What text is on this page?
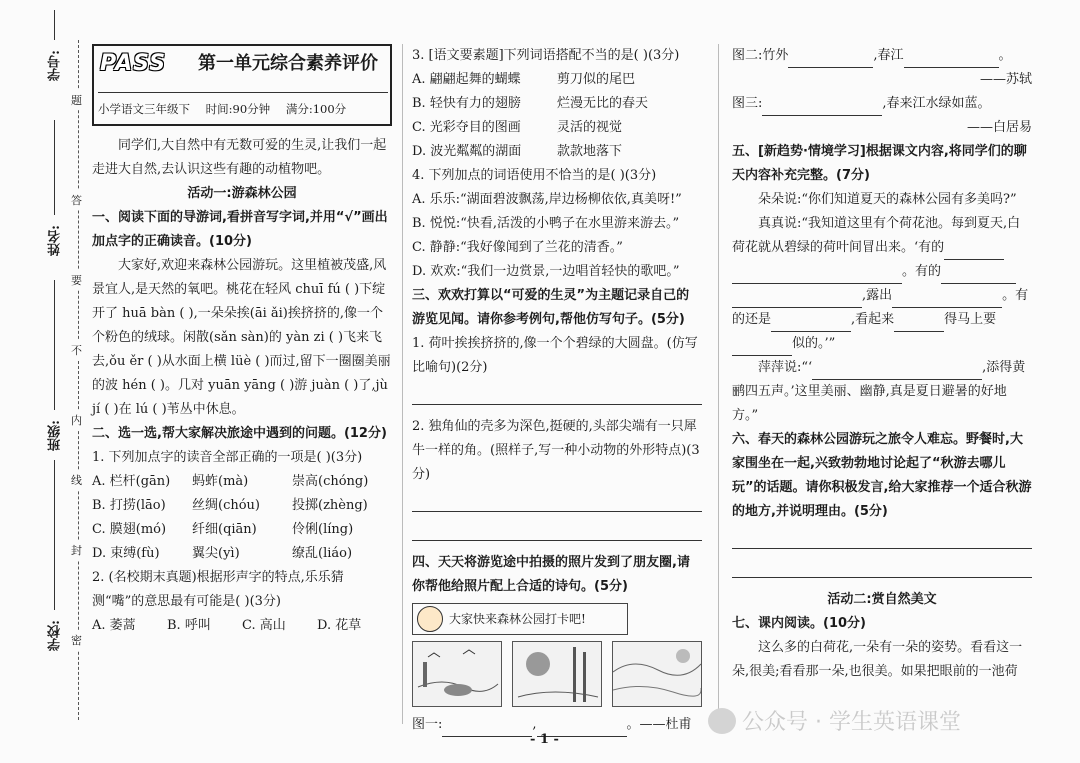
学校:
班级:
姓名:
学号:
题
答
要
不
内
线
封
密
PASS	第一单元综合素养评价
小学语文三年级下 时间:90分钟 满分:100分

同学们,大自然中有无数可爱的生灵,让我们一起走进大自然,去认识这些有趣的动植物吧。

活动一:游森林公园

一、阅读下面的导游词,看拼音写字词,并用“√”画出加点字的正确读音。(10分)

大家好,欢迎来森林公园游玩。这里植被茂盛,风景宜人,是天然的氧吧。桃花在轻风 chuī fú ( )下绽开了 huā bàn ( ),一朵朵挨(āi ǎi)挨挤挤的,像一个个粉色的绒球。闲散(sǎn sàn)的 yàn zi ( )飞来飞去,ǒu ěr ( )从水面上横 lüè ( )而过,留下一圈圈美丽的波 hén ( )。几对 yuān yāng ( )游 juàn ( )了,jù jí ( )在 lú ( )苇丛中休息。

二、选一选,帮大家解决旅途中遇到的问题。(12分)

1. 下列加点字的读音全部正确的一项是( )(3分)

A. 栏杆(gān)	蚂蚱(mà)	崇高(chóng)
B. 打捞(lāo)	丝绸(chóu)	投掷(zhèng)
C. 膜翅(mó)	纤细(qiān)	伶俐(líng)
D. 束缚(fù)	翼尖(yì)	缭乱(liáo)

2. (名校期末真题)根据形声字的特点,乐乐猜测“嘴”的意思最有可能是( )(3分)

A. 萎蒿	B. 呼叫	C. 高山	D. 花草

3. [语文要素题]下列词语搭配不当的是( )(3分)

A. 翩翩起舞的蝴蝶	剪刀似的尾巴
B. 轻快有力的翅膀	烂漫无比的春天
C. 光彩夺目的图画	灵活的视觉
D. 波光粼粼的湖面	款款地落下

4. 下列加点的词语使用不恰当的是( )(3分)

A. 乐乐:“湖面碧波飘荡,岸边杨柳依依,真美呀!”

B. 悦悦:“快看,活泼的小鸭子在水里游来游去。”

C. 静静:“我好像闻到了兰花的清香。”

D. 欢欢:“我们一边赏景,一边唱首轻快的歌吧。”

三、欢欢打算以“可爱的生灵”为主题记录自己的游览见闻。请你参考例句,帮他仿写句子。(5分)

1. 荷叶挨挨挤挤的,像一个个碧绿的大圆盘。(仿写比喻句)(2分)

2. 独角仙的壳多为深色,挺硬的,头部尖端有一只犀牛一样的角。(照样子,写一种小动物的外形特点)(3分)

四、天天将游览途中拍摄的照片发到了朋友圈,请你帮他给照片配上合适的诗句。(5分)

大家快来森林公园打卡吧!

图一:	,	。——杜甫

图二:竹外	,春江	。

——苏轼

图三:	,春来江水绿如蓝。

——白居易

五、[新趋势·情境学习]根据课文内容,将同学们的聊天内容补充完整。(7分)

朵朵说:“你们知道夏天的森林公园有多美吗?”

真真说:“我知道这里有个荷花池。每到夏天,白荷花就从碧绿的荷叶间冒出来。‘有的。有的,露出	。有的还是	,看起来	得马上要似的。’”

萍萍说:“‘	,添得黄鹂四五声。’这里美丽、幽静,真是夏日避暑的好地方。”

六、春天的森林公园游玩之旅令人难忘。野餐时,大家围坐在一起,兴致勃勃地讨论起了“秋游去哪儿玩”的话题。请你积极发言,给大家推荐一个适合秋游的地方,并说明理由。(5分)

活动二:赏自然美文

七、课内阅读。(10分)

这么多的白荷花,一朵有一朵的姿势。看看这一朵,很美;看看那一朵,也很美。如果把眼前的一池荷

- 1 -
公众号 · 学生英语课堂
